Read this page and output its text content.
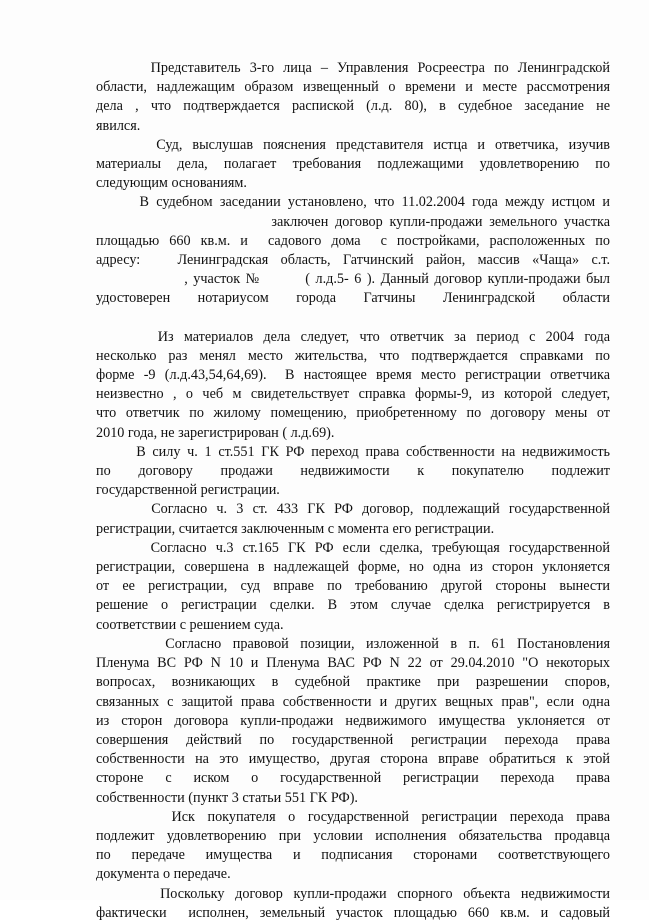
Представитель 3-го лица – Управления Росреестра по Ленинградской
области, надлежащим образом извещенный о времени и месте рассмотрения
дела , что подтверждается распиской (л.д. 80), в судебное заседание не
явился.
Суд, выслушав пояснения представителя истца и ответчика, изучив
материалы дела, полагает требования подлежащими удовлетворению по
следующим основаниям.
В судебном заседании установлено, что 11.02.2004 года между истцом и
заключен договор купли-продажи земельного участка
площадью 660 кв.м. и  садового дома  с постройками, расположенных по
адресу:   Ленинградская область, Гатчинский район, массив «Чаща» с.т.
, участок №        ( л.д.5- 6 ). Данный договор купли-продажи был
удостоверен   нотариусом   города   Гатчины   Ленинградской   области
Из материалов дела следует, что ответчик за период с 2004 года
несколько раз менял место жительства, что подтверждается справками по
форме -9 (л.д.43,54,64,69).  В настоящее время место регистрации ответчика
неизвестно , о чеб м свидетельствует справка формы-9, из которой следует,
что ответчик по жилому помещению, приобретенному по договору мены от
2010 года, не зарегистрирован ( л.д.69).
В силу ч. 1 ст.551 ГК РФ переход права собственности на недвижимость
по     договору     продажи     недвижимости     к     покупателю     подлежит
государственной регистрации.
Согласно ч. 3 ст. 433 ГК РФ договор, подлежащий государственной
регистрации, считается заключенным с момента его регистрации.
Согласно ч.3 ст.165 ГК РФ если сделка, требующая государственной
регистрации, совершена в надлежащей форме, но одна из сторон уклоняется
от ее регистрации, суд вправе по требованию другой стороны вынести
решение о регистрации сделки. В этом случае сделка регистрируется в
соответствии с решением суда.
Согласно правовой позиции, изложенной в п. 61 Постановления
Пленума ВС РФ N 10 и Пленума ВАС РФ N 22 от 29.04.2010 "О некоторых
вопросах, возникающих в судебной практике при разрешении споров,
связанных с защитой права собственности и других вещных прав", если одна
из сторон договора купли-продажи недвижимого имущества уклоняется от
совершения действий по государственной регистрации перехода права
собственности на это имущество, другая сторона вправе обратиться к этой
стороне   с   иском   о   государственной   регистрации   перехода   права
собственности (пункт 3 статьи 551 ГК РФ).
Иск покупателя о государственной регистрации перехода права
подлежит удовлетворению при условии исполнения обязательства продавца
по   передаче   имущества   и   подписания   сторонами   соответствующего
документа о передаче.
Поскольку договор купли-продажи спорного объекта недвижимости
фактически  исполнен, земельный участок площадью 660 кв.м. и садовый
